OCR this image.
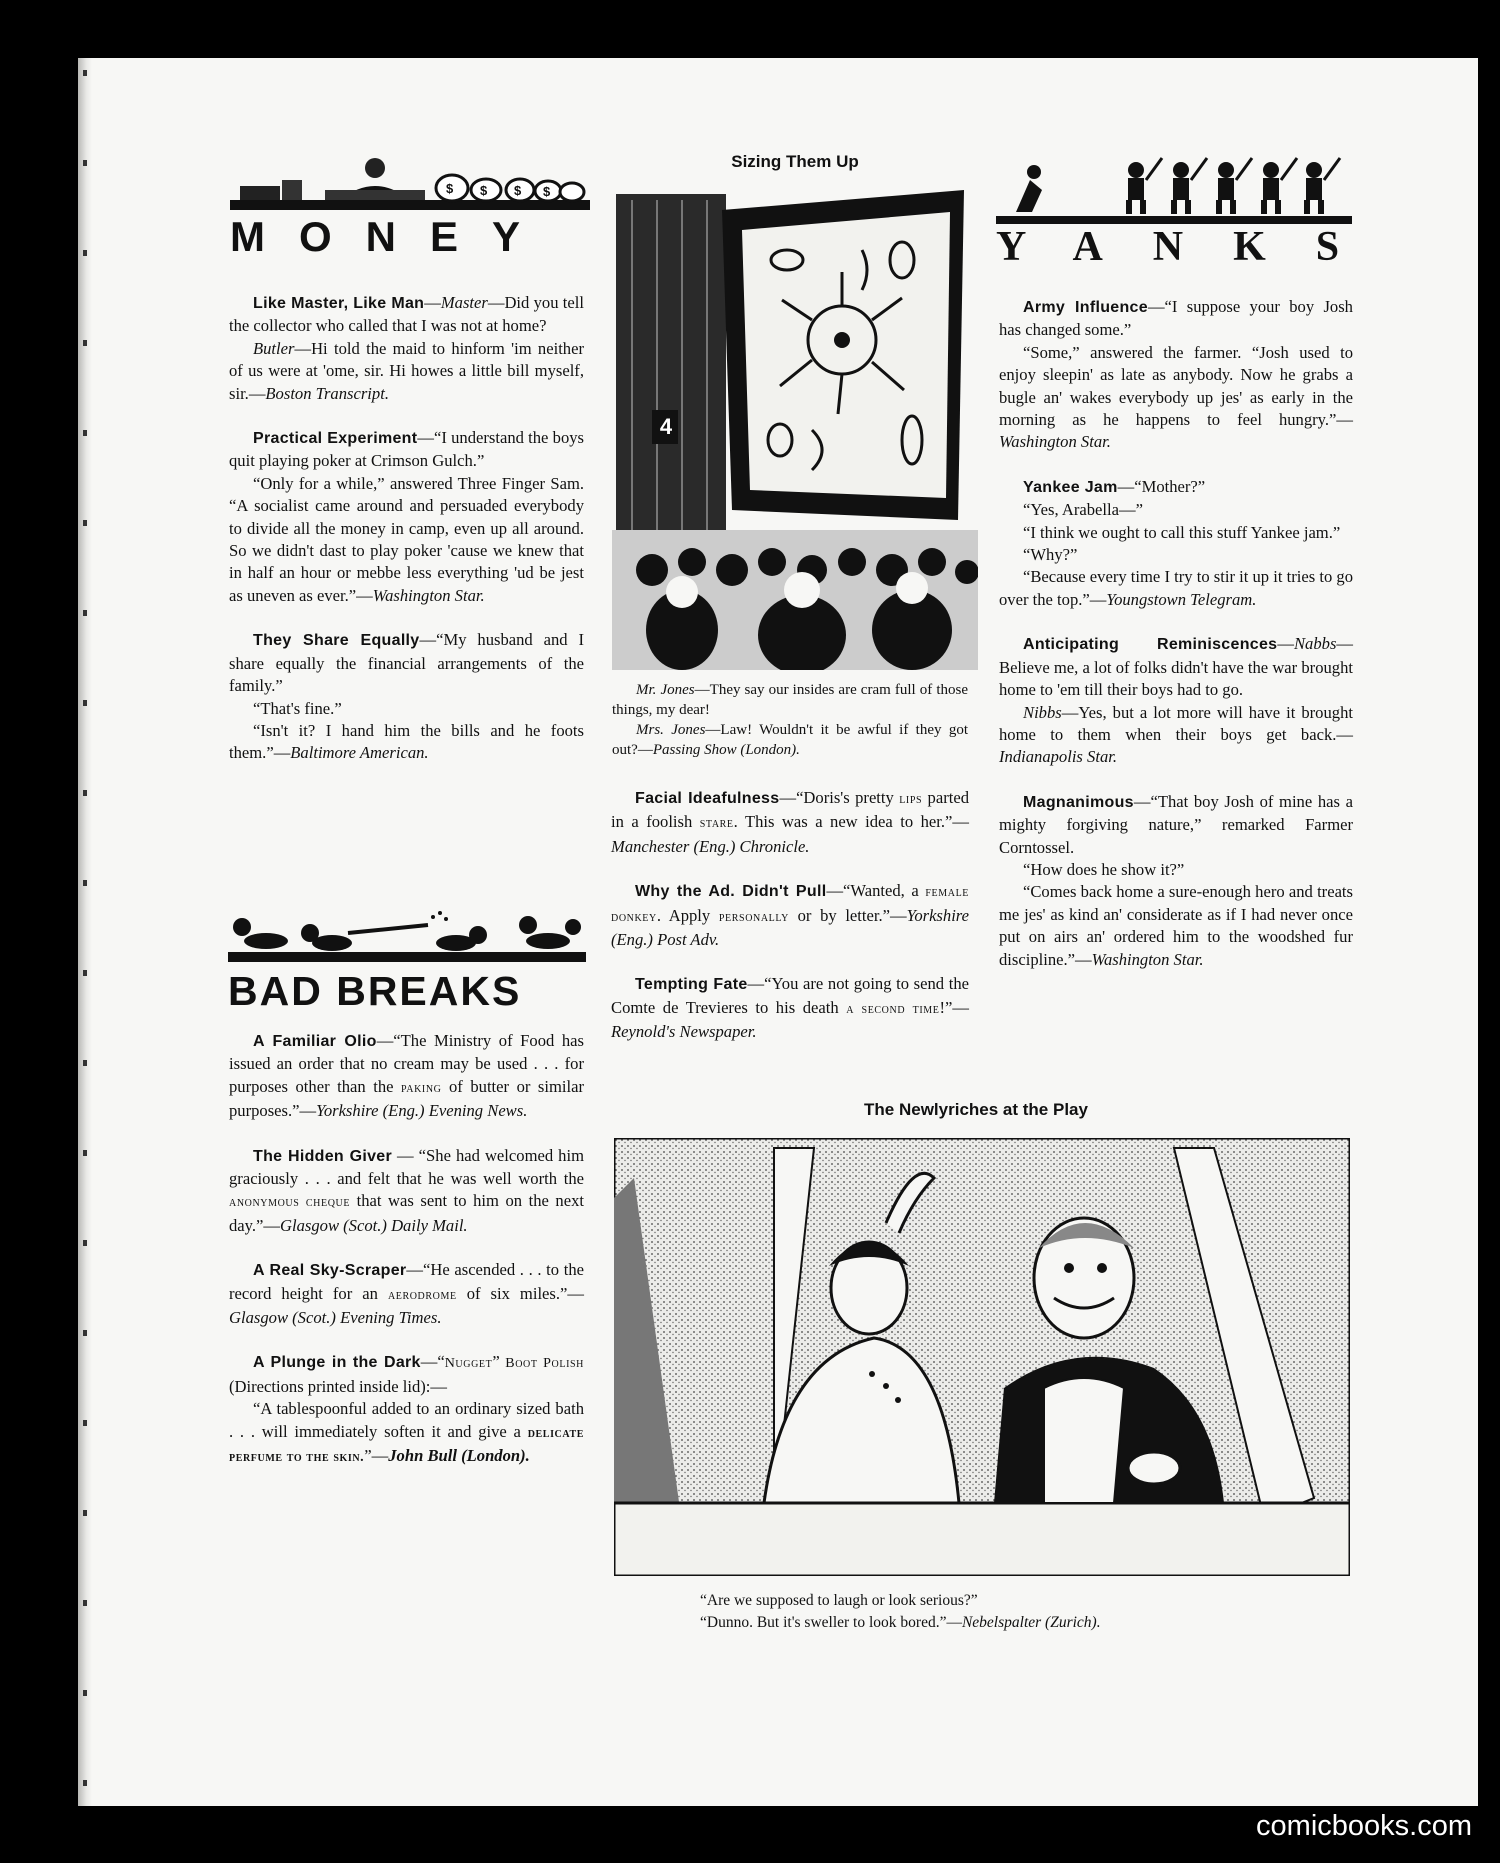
$ $ $ $
MONEY

Like Master, Like Man—Master—Did you tell the collector who called that I was not at home?

Butler—Hi told the maid to hinform 'im neither of us were at 'ome, sir. Hi howes a little bill myself, sir.—Boston Transcript.

Practical Experiment—“I understand the boys quit playing poker at Crimson Gulch.”

“Only for a while,” answered Three Finger Sam. “A socialist came around and persuaded everybody to divide all the money in camp, even up all around. So we didn't dast to play poker 'cause we knew that in half an hour or mebbe less everything 'ud be jest as uneven as ever.”—Washington Star.

They Share Equally—“My husband and I share equally the financial arrangements of the family.”

“That's fine.”

“Isn't it? I hand him the bills and he foots them.”—Baltimore American.

BAD BREAKS

A Familiar Olio—“The Ministry of Food has issued an order that no cream may be used . . . for purposes other than the paking of butter or similar purposes.”—Yorkshire (Eng.) Evening News.

The Hidden Giver — “She had welcomed him graciously . . . and felt that he was well worth the anonymous cheque that was sent to him on the next day.”—Glasgow (Scot.) Daily Mail.

A Real Sky-Scraper—“He ascended . . . to the record height for an aerodrome of six miles.”—Glasgow (Scot.) Evening Times.

A Plunge in the Dark—“Nugget” Boot Polish (Directions printed inside lid):—

“A tablespoonful added to an ordinary sized bath . . . will immediately soften it and give a delicate perfume to the skin.”—John Bull (London).

Sizing Them Up
4

Mr. Jones—They say our insides are cram full of those things, my dear!

Mrs. Jones—Law! Wouldn't it be awful if they got out?—Passing Show (London).

Facial Ideafulness—“Doris's pretty lips parted in a foolish stare. This was a new idea to her.”—Manchester (Eng.) Chronicle.

Why the Ad. Didn't Pull—“Wanted, a female donkey. Apply personally or by letter.”—Yorkshire (Eng.) Post Adv.

Tempting Fate—“You are not going to send the Comte de Trevieres to his death a second time!”—Reynold's Newspaper.

YANKS

Army Influence—“I suppose your boy Josh has changed some.”

“Some,” answered the farmer. “Josh used to enjoy sleepin' as late as anybody. Now he grabs a bugle an' wakes everybody up jes' as early in the morning as he happens to feel hungry.”—Washington Star.

Yankee Jam—“Mother?”

“Yes, Arabella—”

“I think we ought to call this stuff Yankee jam.”

“Why?”

“Because every time I try to stir it up it tries to go over the top.”—Youngstown Telegram.

Anticipating Reminiscences—Nabbs—Believe me, a lot of folks didn't have the war brought home to 'em till their boys had to go.

Nibbs—Yes, but a lot more will have it brought home to them when their boys get back.—Indianapolis Star.

Magnanimous—“That boy Josh of mine has a mighty forgiving nature,” remarked Farmer Corntossel.

“How does he show it?”

“Comes back home a sure-enough hero and treats me jes' as kind an' considerate as if I had never once put on airs an' ordered him to the woodshed fur discipline.”—Washington Star.

The Newlyriches at the Play

“Are we supposed to laugh or look serious?”

“Dunno. But it's sweller to look bored.”—Nebelspalter (Zurich).

comicbooks.com
